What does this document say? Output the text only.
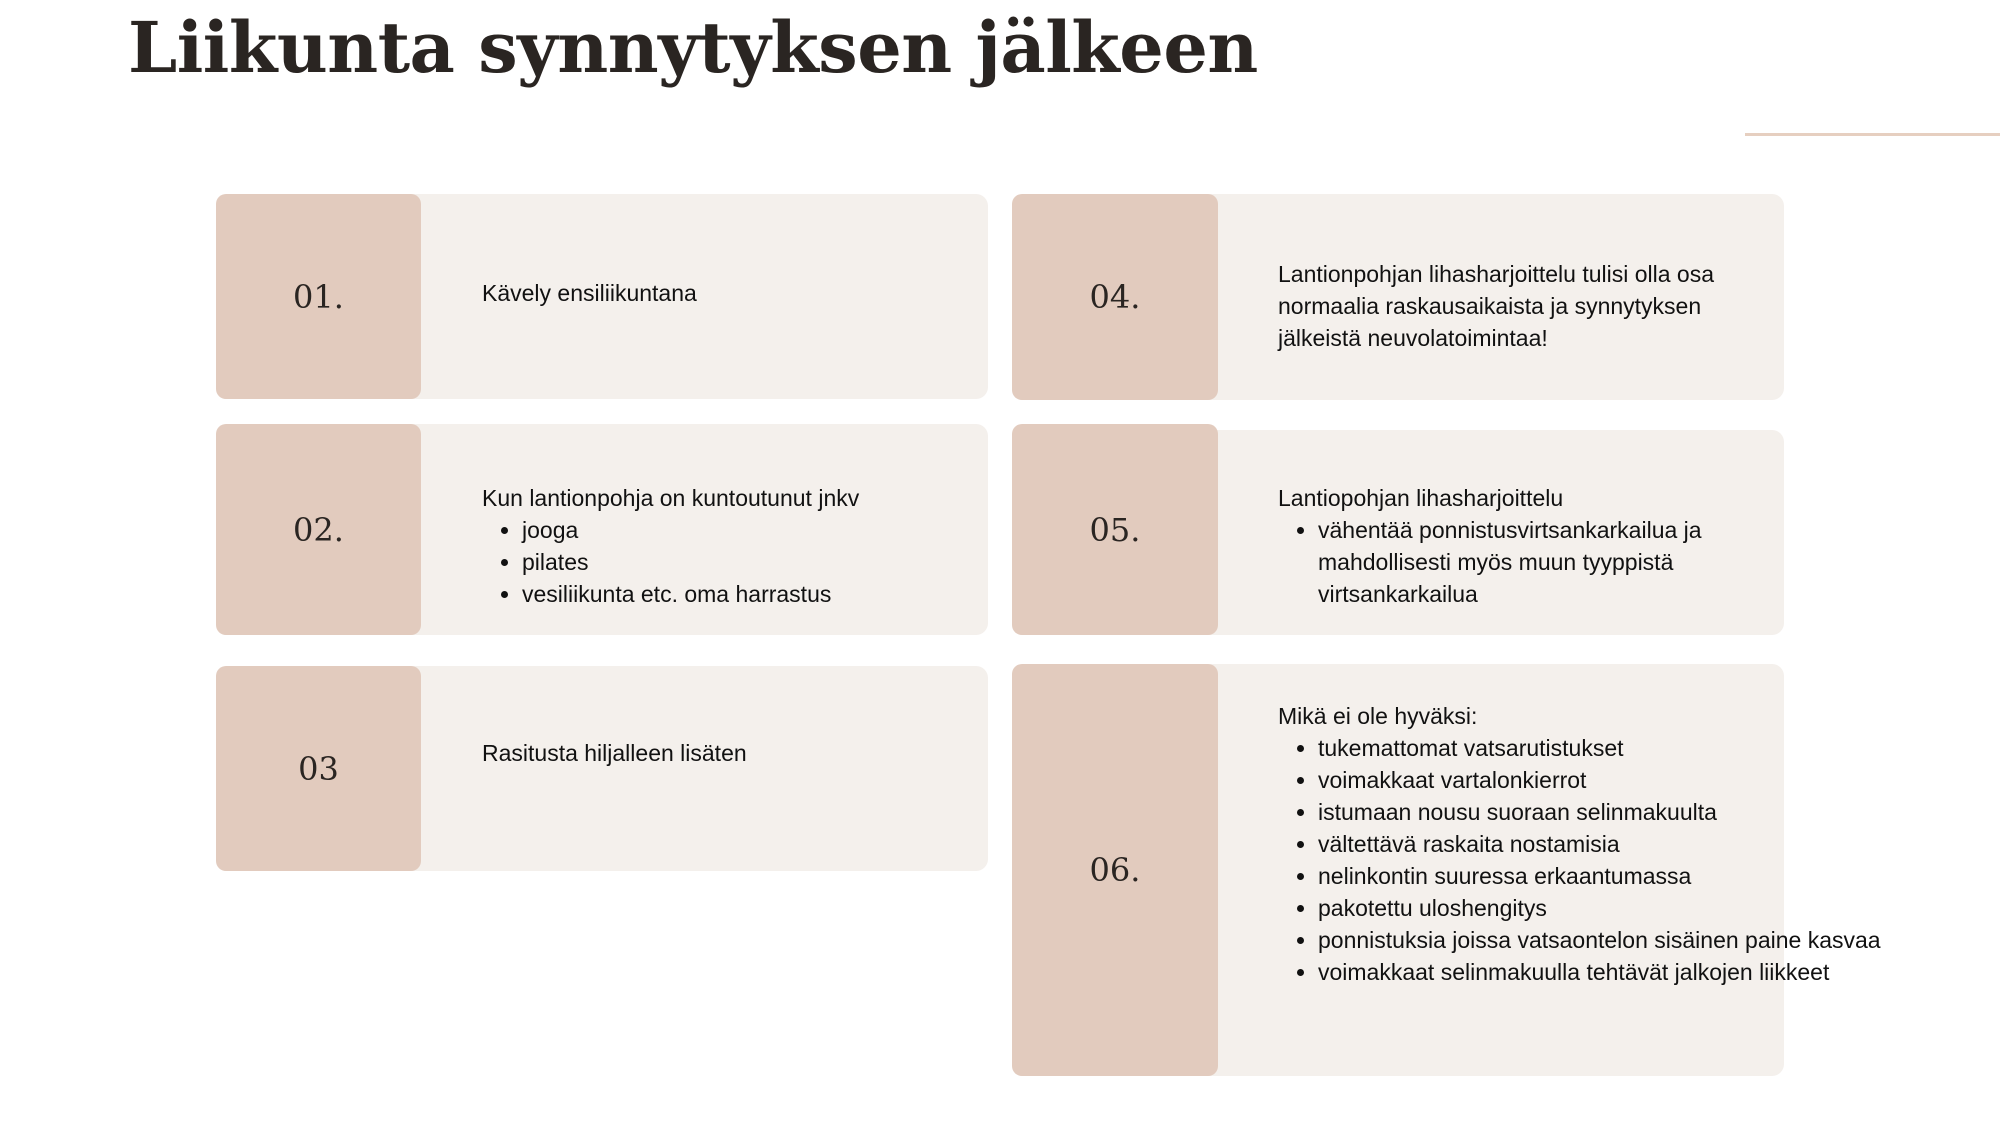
Liikunta synnytyksen jälkeen
01.	Kävely ensiliikuntana

02.

Kun lantionpohja on kuntoutunut jnkv

• jooga
• pilates
• vesiliikunta etc. oma harrastus
03	Rasitusta hiljalleen lisäten

04.

Lantionpohjan lihasharjoittelu tulisi olla osa normaalia raskausaikaista ja synnytyksen jälkeistä neuvolatoimintaa!

05.

Lantiopohjan lihasharjoittelu

• vähentää ponnistusvirtsankarkailua ja mahdollisesti myös muun tyyppistä virtsankarkailua
06.

Mikä ei ole hyväksi:

• tukemattomat vatsarutistukset
• voimakkaat vartalonkierrot
• istumaan nousu suoraan selinmakuulta
• vältettävä raskaita nostamisia
• nelinkontin suuressa erkaantumassa
• pakotettu uloshengitys
• ponnistuksia joissa vatsaontelon sisäinen paine kasvaa
• voimakkaat selinmakuulla tehtävät jalkojen liikkeet
